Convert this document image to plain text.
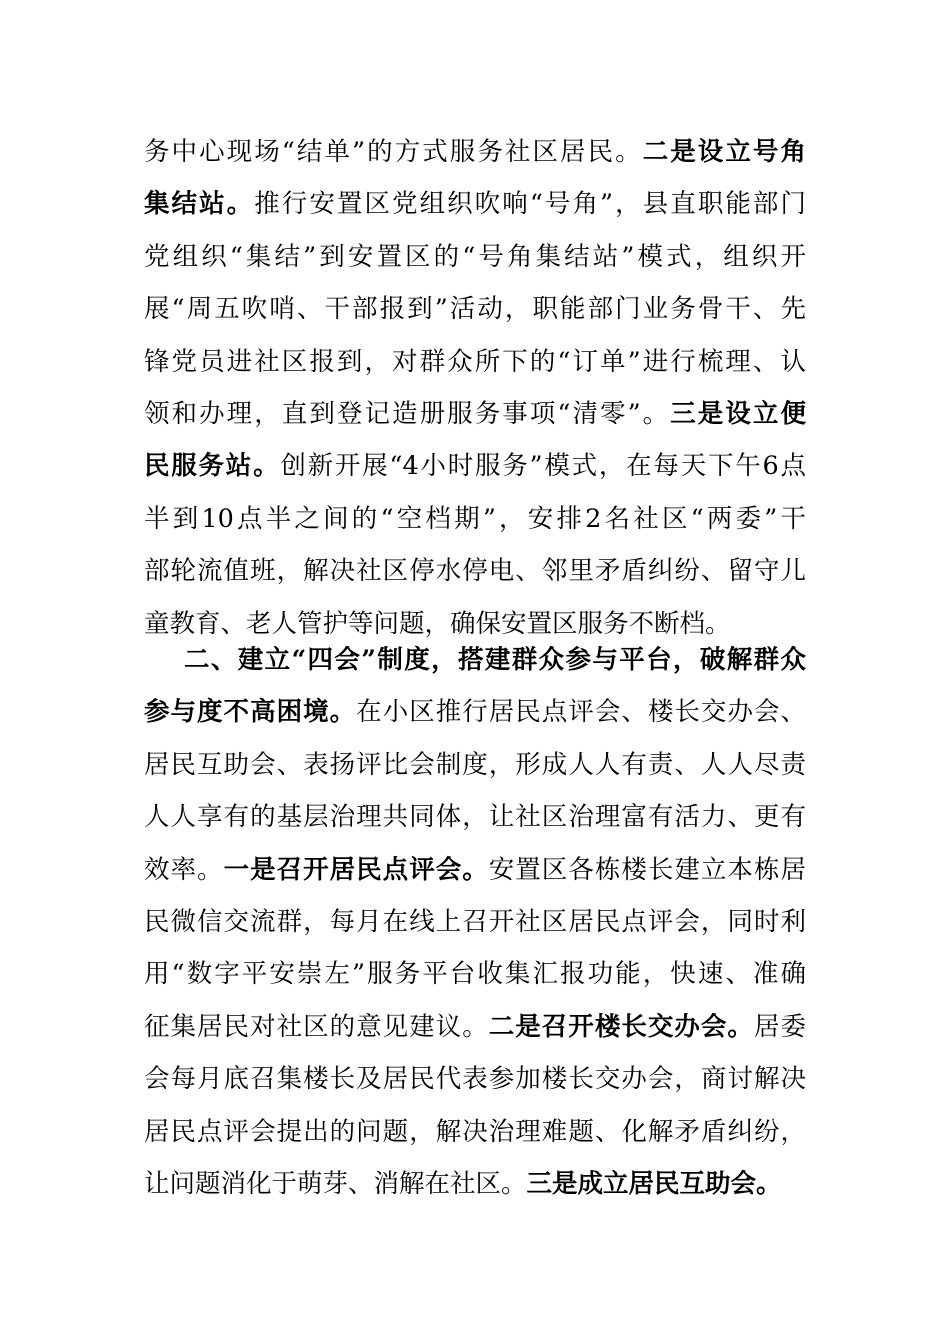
务中心现场“结单”的方式服务社区居民。二是设立号角
集结站。推行安置区党组织吹响“号角”，县直职能部门
党组织“集结”到安置区的“号角集结站”模式，组织开
展“周五吹哨、干部报到”活动，职能部门业务骨干、先
锋党员进社区报到，对群众所下的“订单”进行梳理、认
领和办理，直到登记造册服务事项“清零”。三是设立便
民服务站。创新开展“4小时服务”模式，在每天下午6点
半到10点半之间的“空档期”，安排2名社区“两委”干
部轮流值班，解决社区停水停电、邻里矛盾纠纷、留守儿
童教育、老人管护等问题，确保安置区服务不断档。
二、建立“四会”制度，搭建群众参与平台，破解群众
参与度不高困境。在小区推行居民点评会、楼长交办会、
居民互助会、表扬评比会制度，形成人人有责、人人尽责
人人享有的基层治理共同体，让社区治理富有活力、更有
效率。一是召开居民点评会。安置区各栋楼长建立本栋居
民微信交流群，每月在线上召开社区居民点评会，同时利
用“数字平安崇左”服务平台收集汇报功能，快速、准确
征集居民对社区的意见建议。二是召开楼长交办会。居委
会每月底召集楼长及居民代表参加楼长交办会，商讨解决
居民点评会提出的问题，解决治理难题、化解矛盾纠纷，
让问题消化于萌芽、消解在社区。三是成立居民互助会。
